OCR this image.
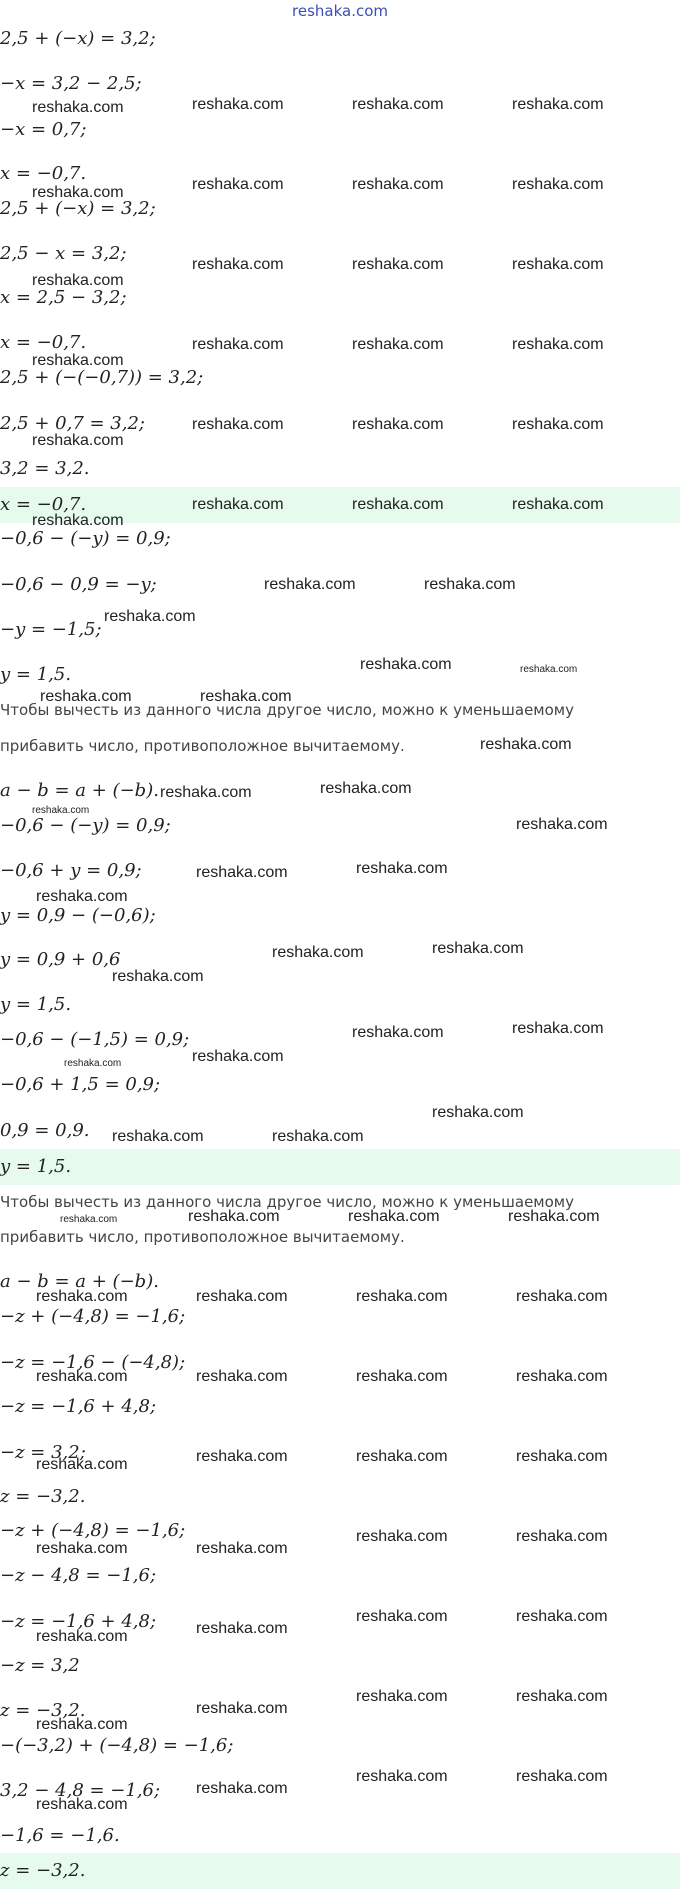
reshaka.com
2,5 + (−x) = 3,2;
−x = 3,2 − 2,5;
−x = 0,7;
x = −0,7.
2,5 + (−x) = 3,2;
2,5 − x = 3,2;
x = 2,5 − 3,2;
x = −0,7.
2,5 + (−(−0,7)) = 3,2;
2,5 + 0,7 = 3,2;
3,2 = 3,2.
x = −0,7.
−0,6 − (−y) = 0,9;
−0,6 − 0,9 = −y;
−y = −1,5;
y = 1,5.
Чтобы вычесть из данного числа другое число, можно к уменьшаемому
прибавить число, противоположное вычитаемому.
a − b = a + (−b).
−0,6 − (−y) = 0,9;
−0,6 + y = 0,9;
y = 0,9 − (−0,6);
y = 0,9 + 0,6
y = 1,5.
−0,6 − (−1,5) = 0,9;
−0,6 + 1,5 = 0,9;
0,9 = 0,9.
y = 1,5.
Чтобы вычесть из данного числа другое число, можно к уменьшаемому
прибавить число, противоположное вычитаемому.
a − b = a + (−b).
−z + (−4,8) = −1,6;
−z = −1,6 − (−4,8);
−z = −1,6 + 4,8;
−z = 3,2;
z = −3,2.
−z + (−4,8) = −1,6;
−z − 4,8 = −1,6;
−z = −1,6 + 4,8;
−z = 3,2
z = −3,2.
−(−3,2) + (−4,8) = −1,6;
3,2 − 4,8 = −1,6;
−1,6 = −1,6.
z = −3,2.
reshaka.com	reshaka.com	reshaka.com	reshaka.com
reshaka.com	reshaka.com	reshaka.com	reshaka.com
reshaka.com
reshaka.com	reshaka.com	reshaka.com
reshaka.com
reshaka.com	reshaka.com	reshaka.com
reshaka.com
reshaka.com	reshaka.com	reshaka.com
reshaka.com
reshaka.com	reshaka.com	reshaka.com
reshaka.com	reshaka.com
reshaka.com
reshaka.com	reshaka.com
reshaka.com	reshaka.com
reshaka.com
reshaka.com	reshaka.com
reshaka.com
reshaka.com
reshaka.com	reshaka.com
reshaka.com
reshaka.com	reshaka.com
reshaka.com
reshaka.com	reshaka.com
reshaka.com	reshaka.com
reshaka.com
reshaka.com	reshaka.com
reshaka.com	reshaka.com	reshaka.com	reshaka.com
reshaka.com	reshaka.com	reshaka.com	reshaka.com
reshaka.com	reshaka.com	reshaka.com	reshaka.com
reshaka.com	reshaka.com	reshaka.com	reshaka.com
reshaka.com	reshaka.com
reshaka.com	reshaka.com
reshaka.com	reshaka.com
reshaka.com	reshaka.com
reshaka.com
reshaka.com
reshaka.com	reshaka.com
reshaka.com
reshaka.com
reshaka.com	reshaka.com
